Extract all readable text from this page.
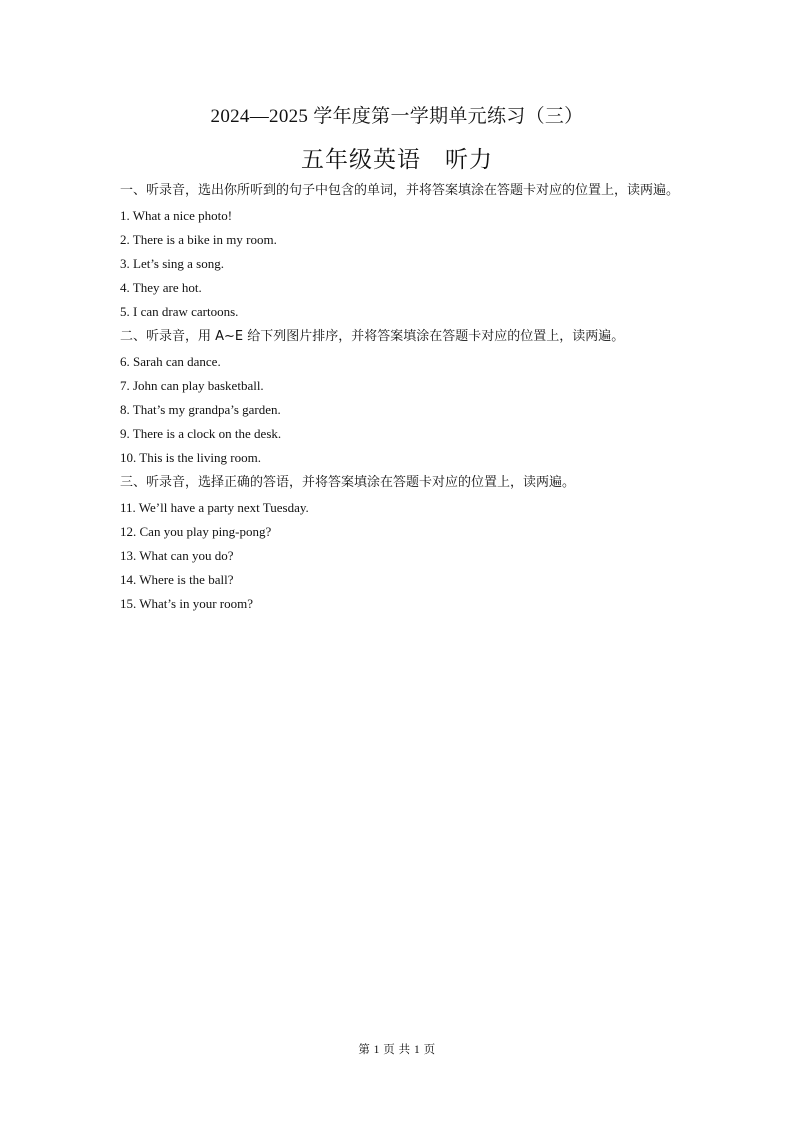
2024—2025 学年度第一学期单元练习（三）
五年级英语　听力

一、听录音，选出你所听到的句子中包含的单词，并将答案填涂在答题卡对应的位置上，读两遍。

1. What a nice photo!

2. There is a bike in my room.

3. Let’s sing a song.

4. They are hot.

5. I can draw cartoons.

二、听录音，用 A~E 给下列图片排序，并将答案填涂在答题卡对应的位置上，读两遍。

6. Sarah can dance.

7. John can play basketball.

8. That’s my grandpa’s garden.

9. There is a clock on the desk.

10. This is the living room.

三、听录音，选择正确的答语，并将答案填涂在答题卡对应的位置上，读两遍。

11. We’ll have a party next Tuesday.

12. Can you play ping-pong?

13. What can you do?

14. Where is the ball?

15. What’s in your room?

第 1 页 共 1 页
